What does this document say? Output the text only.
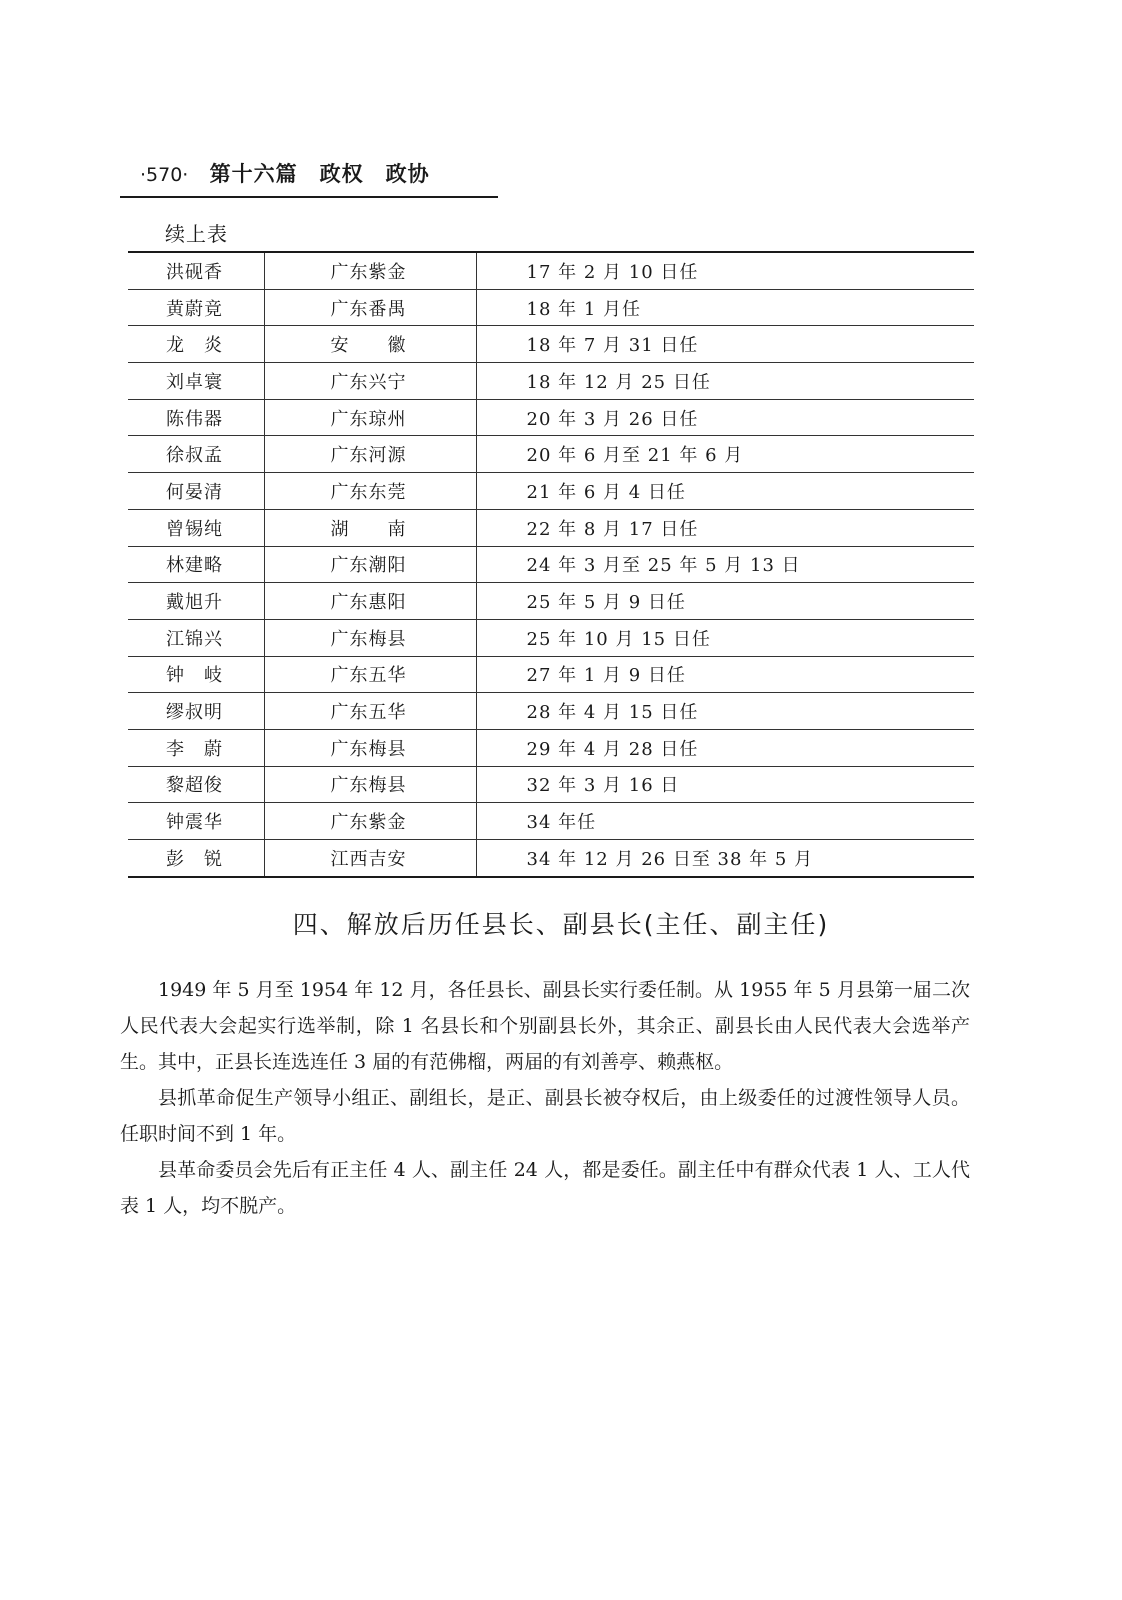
·570· 第十六篇　政权　政协
续上表
洪砚香	广东紫金	17 年 2 月 10 日任
黄蔚竟	广东番禺	18 年 1 月任
龙　炎	安　　徽	18 年 7 月 31 日任
刘卓寰	广东兴宁	18 年 12 月 25 日任
陈伟器	广东琼州	20 年 3 月 26 日任
徐叔孟	广东河源	20 年 6 月至 21 年 6 月
何晏清	广东东莞	21 年 6 月 4 日任
曾锡纯	湖　　南	22 年 8 月 17 日任
林建略	广东潮阳	24 年 3 月至 25 年 5 月 13 日
戴旭升	广东惠阳	25 年 5 月 9 日任
江锦兴	广东梅县	25 年 10 月 15 日任
钟　岐	广东五华	27 年 1 月 9 日任
缪叔明	广东五华	28 年 4 月 15 日任
李　蔚	广东梅县	29 年 4 月 28 日任
黎超俊	广东梅县	32 年 3 月 16 日
钟震华	广东紫金	34 年任
彭　锐	江西吉安	34 年 12 月 26 日至 38 年 5 月
四、解放后历任县长、副县长(主任、副主任)

1949 年 5 月至 1954 年 12 月，各任县长、副县长实行委任制。从 1955 年 5 月县第一届二次人民代表大会起实行选举制，除 1 名县长和个别副县长外，其余正、副县长由人民代表大会选举产生。其中，正县长连选连任 3 届的有范佛榴，两届的有刘善亭、赖燕枢。

县抓革命促生产领导小组正、副组长，是正、副县长被夺权后，由上级委任的过渡性领导人员。任职时间不到 1 年。

县革命委员会先后有正主任 4 人、副主任 24 人，都是委任。副主任中有群众代表 1 人、工人代表 1 人，均不脱产。
